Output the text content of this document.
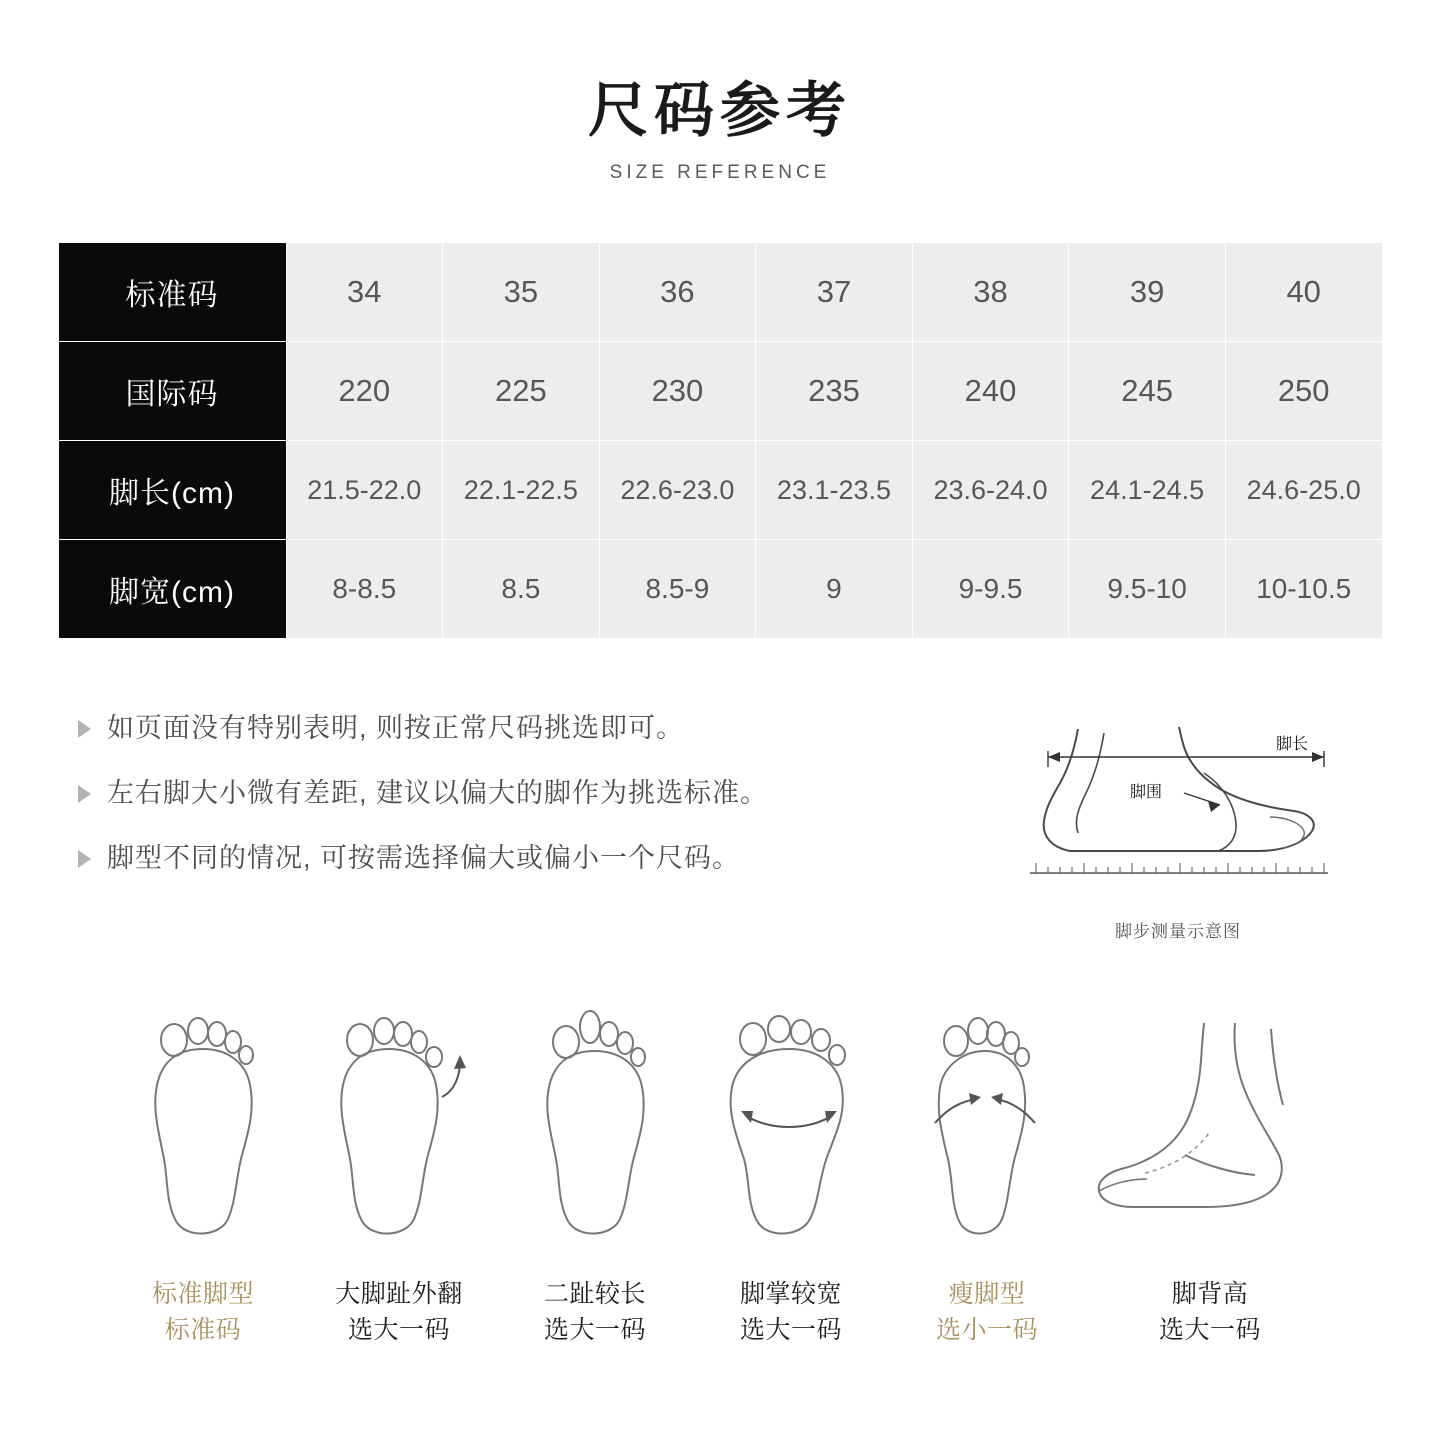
尺码参考
SIZE REFERENCE
标准码	34	35	36	37	38	39	40
国际码	220	225	230	235	240	245	250
脚长(cm)	21.5-22.0	22.1-22.5	22.6-23.0	23.1-23.5	23.6-24.0	24.1-24.5	24.6-25.0
脚宽(cm)	8-8.5	8.5	8.5-9	9	9-9.5	9.5-10	10-10.5
如页面没有特别表明, 则按正常尺码挑选即可。
左右脚大小微有差距, 建议以偏大的脚作为挑选标准。
脚型不同的情况, 可按需选择偏大或偏小一个尺码。
脚长
脚围
脚步测量示意图
标准脚型
标准码
大脚趾外翻
选大一码
二趾较长
选大一码
脚掌较宽
选大一码
瘦脚型
选小一码
脚背高
选大一码
